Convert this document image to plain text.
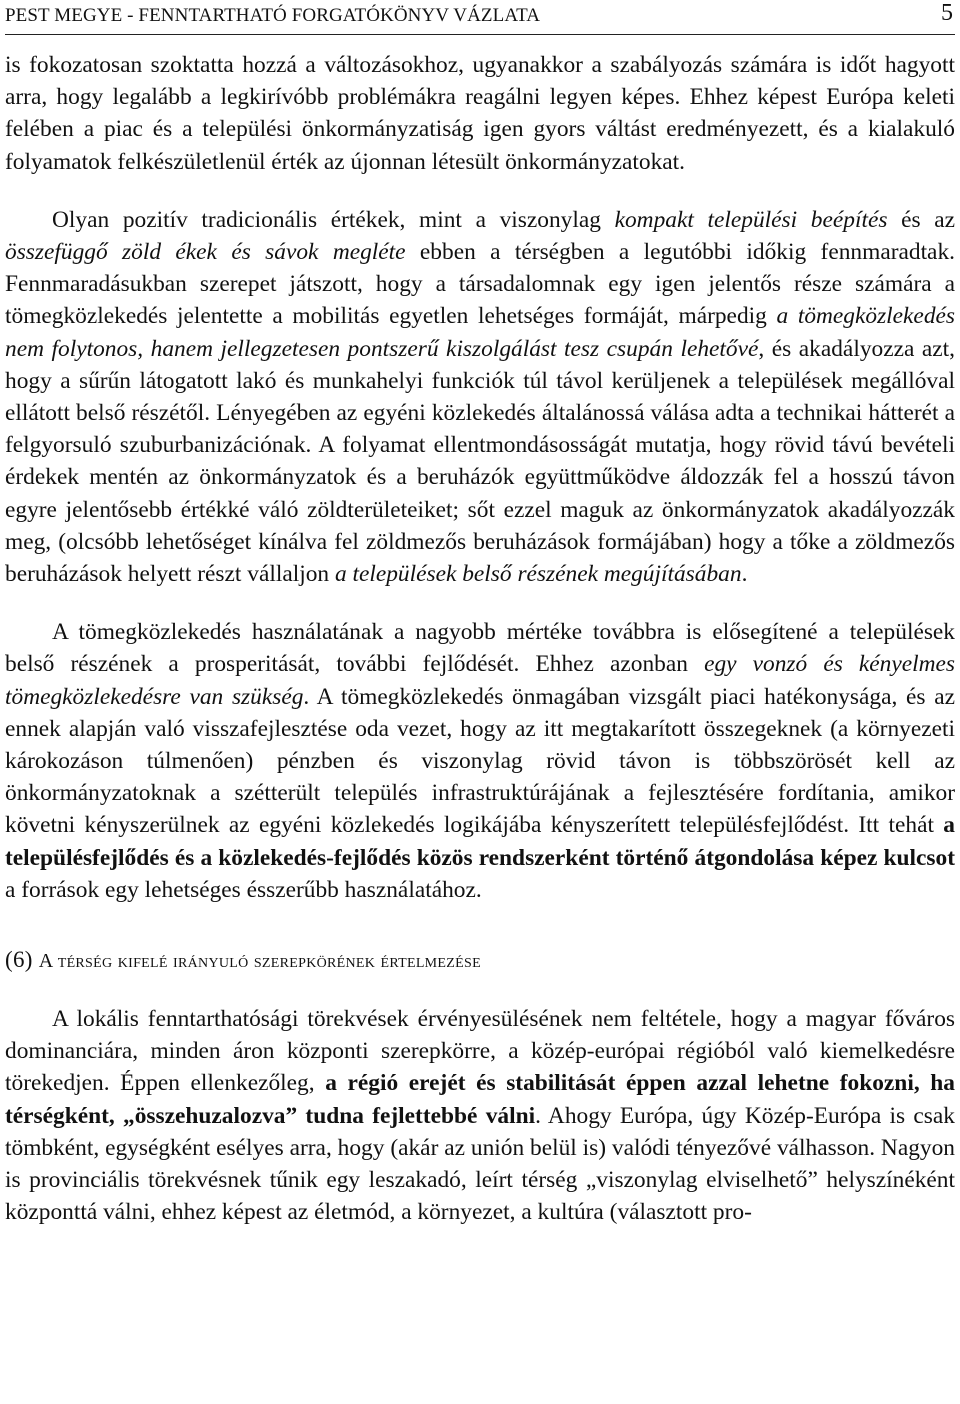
PEST MEGYE - FENNTARTHATÓ FORGATÓKÖNYV VÁZLATA	5

is fokozatosan szoktatta hozzá a változásokhoz, ugyanakkor a szabályozás számára is időt hagyott arra, hogy legalább a legkirívóbb problémákra reagálni legyen képes. Ehhez képest Európa keleti felében a piac és a települési önkormányzatiság igen gyors váltást eredményezett, és a kialakuló folyamatok felkészületlenül érték az újonnan létesült önkormányzatokat.

Olyan pozitív tradicionális értékek, mint a viszonylag kompakt települési beépítés és az összefüggő zöld ékek és sávok megléte ebben a térségben a legutóbbi időkig fennmaradtak. Fennmaradásukban szerepet játszott, hogy a társadalomnak egy igen jelentős része számára a tömegközlekedés jelentette a mobilitás egyetlen lehetséges formáját, márpedig a tömegközlekedés nem folytonos, hanem jellegzetesen pontszerű kiszolgálást tesz csupán lehetővé, és akadályozza azt, hogy a sűrűn látogatott lakó és munkahelyi funkciók túl távol kerüljenek a települések megállóval ellátott belső részétől. Lényegében az egyéni közlekedés általánossá válása adta a technikai hátterét a felgyorsuló szuburbanizációnak. A folyamat ellentmondásosságát mutatja, hogy rövid távú bevételi érdekek mentén az önkormányzatok és a beruházók együttműködve áldozzák fel a hosszú távon egyre jelentősebb értékké váló zöldterületeiket; sőt ezzel maguk az önkormányzatok akadályozzák meg, (olcsóbb lehetőséget kínálva fel zöldmezős beruházások formájában) hogy a tőke a zöldmezős beruházások helyett részt vállaljon a települések belső részének megújításában.

A tömegközlekedés használatának a nagyobb mértéke továbbra is elősegítené a települések belső részének a prosperitását, további fejlődését. Ehhez azonban egy vonzó és kényelmes tömegközlekedésre van szükség. A tömegközlekedés önmagában vizsgált piaci hatékonysága, és az ennek alapján való visszafejlesztése oda vezet, hogy az itt megtakarított összegeknek (a környezeti károkozáson túlmenően) pénzben és viszonylag rövid távon is többszörösét kell az önkormányzatoknak a szétterült település infrastruktúrájának a fejlesztésére fordítania, amikor követni kényszerülnek az egyéni közlekedés logikájába kényszerített településfejlődést. Itt tehát a településfejlődés és a közlekedés-fejlődés közös rendszerként történő átgondolása képez kulcsot a források egy lehetséges ésszerűbb használatához.

(6) A térség kifelé irányuló szerepkörének értelmezése

A lokális fenntarthatósági törekvések érvényesülésének nem feltétele, hogy a magyar főváros dominanciára, minden áron központi szerepkörre, a közép-európai régióból való kiemelkedésre törekedjen. Éppen ellenkezőleg, a régió erejét és stabilitását éppen azzal lehetne fokozni, ha térségként, „összehuzalozva” tudna fejlettebbé válni. Ahogy Európa, úgy Közép-Európa is csak tömbként, egységként esélyes arra, hogy (akár az unión belül is) valódi tényezővé válhasson. Nagyon is provinciális törekvésnek tűnik egy leszakadó, leírt térség „viszonylag elviselhető” helyszínéként központtá válni, ehhez képest az életmód, a környezet, a kultúra (választott pro-
